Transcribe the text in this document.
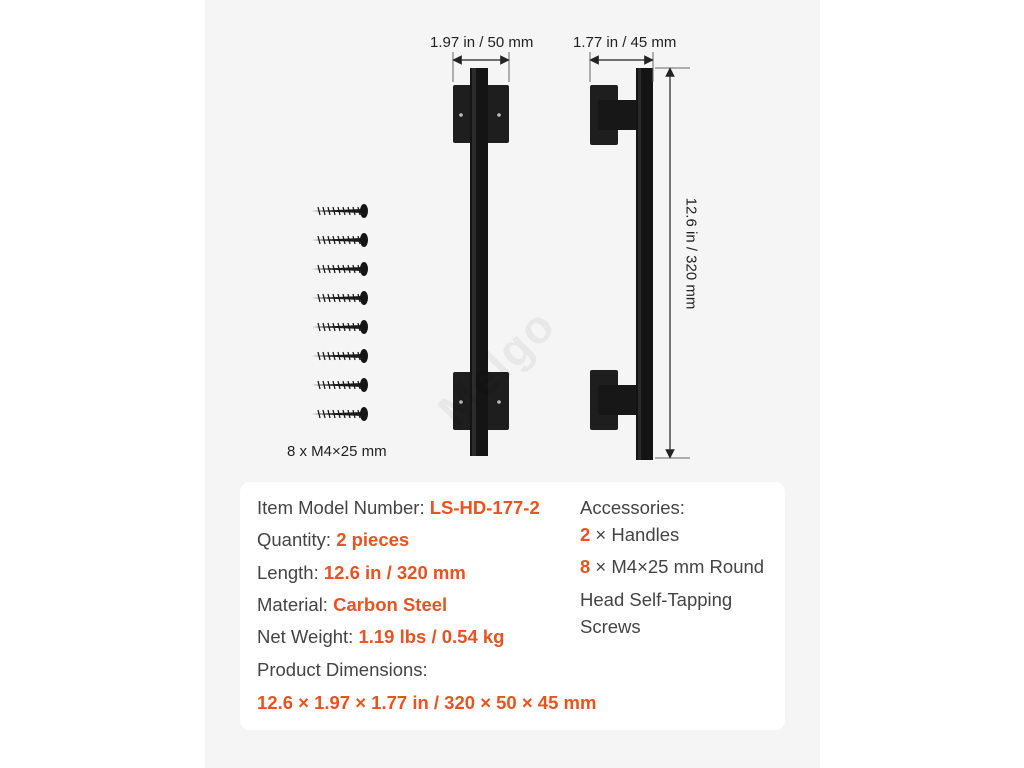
Melgo
1.97 in / 50 mm	1.77 in / 45 mm
12.6 in / 320 mm
8 x M4×25 mm
Item Model Number: LS-HD-177-2
Quantity: 2 pieces
Length: 12.6 in / 320 mm
Material: Carbon Steel
Net Weight: 1.19 lbs / 0.54 kg
Product Dimensions:
12.6 × 1.97 × 1.77 in / 320 × 50 × 45 mm
Accessories:
2 × Handles
8 × M4×25 mm Round
Head Self-Tapping
Screws
